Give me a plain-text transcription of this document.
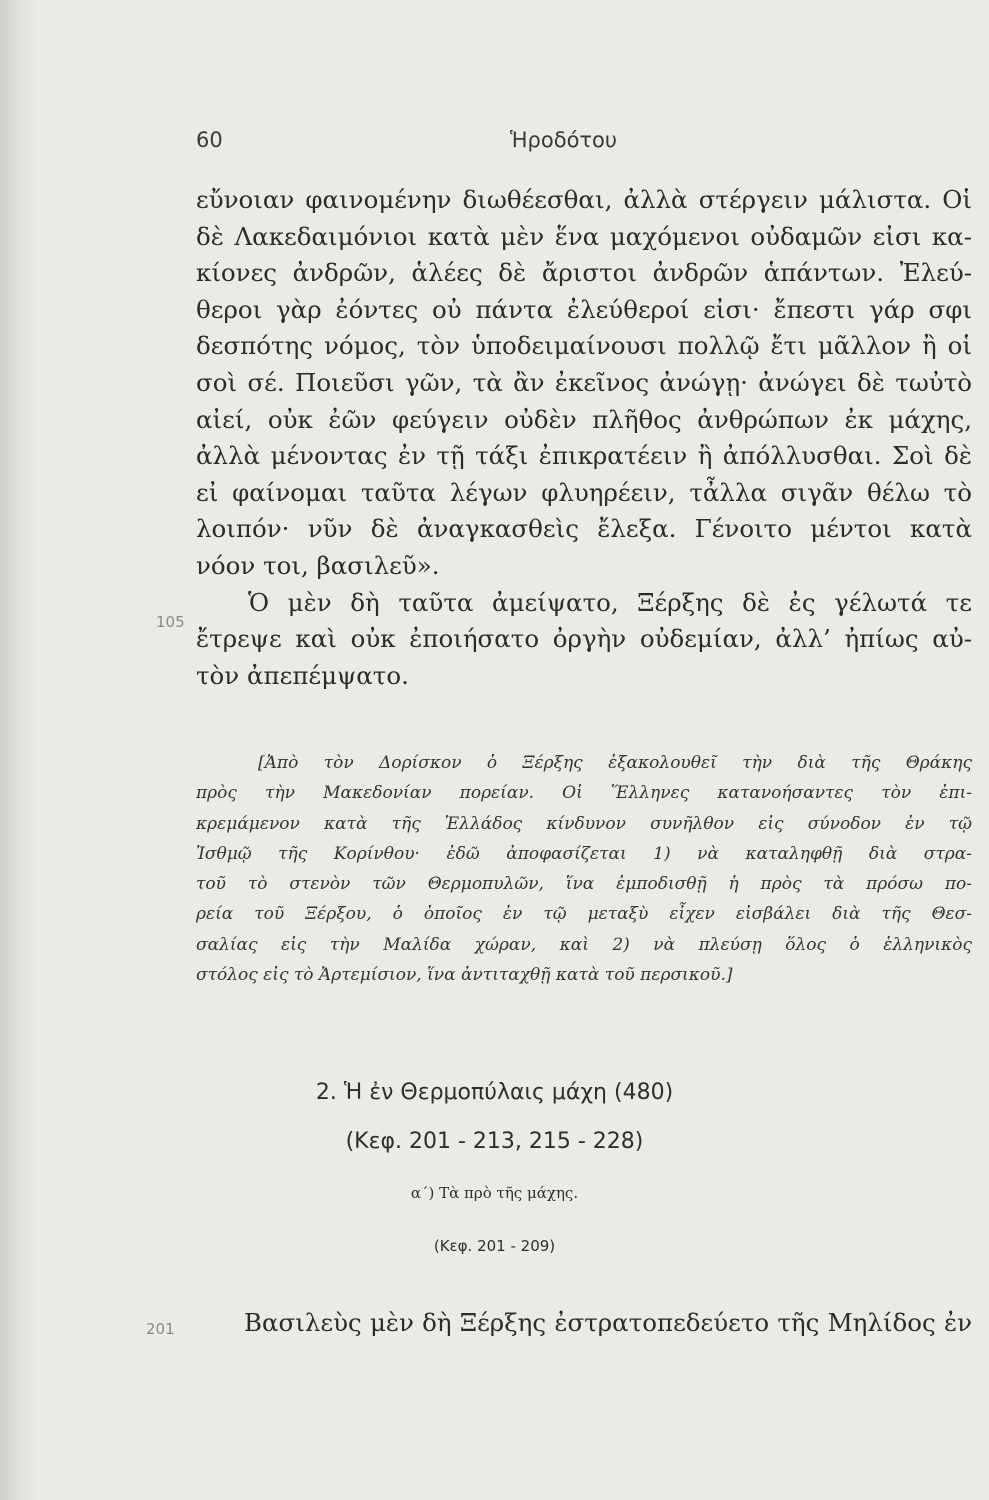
60	Ἡροδότου
εὔνοιαν φαινομένην διωθέεσθαι, ἀλλὰ στέργειν μάλιστα. Οἱ
δὲ Λακεδαιμόνιοι κατὰ μὲν ἕνα μαχόμενοι οὐδαμῶν εἰσι κα-
κίονες ἀνδρῶν, ἁλέες δὲ ἄριστοι ἀνδρῶν ἁπάντων. Ἐλεύ-
θεροι γὰρ ἐόντες οὐ πάντα ἐλεύθεροί εἰσι· ἔπεστι γάρ σφι
δεσπότης νόμος, τὸν ὑποδειμαίνουσι πολλῷ ἔτι μᾶλλον ἢ οἱ
σοὶ σέ. Ποιεῦσι γῶν, τὰ ἂν ἐκεῖνος ἀνώγῃ· ἀνώγει δὲ τωὐτὸ
αἰεί, οὐκ ἐῶν φεύγειν οὐδὲν πλῆθος ἀνθρώπων ἐκ μάχης,
ἀλλὰ μένοντας ἐν τῇ τάξι ἐπικρατέειν ἢ ἀπόλλυσθαι. Σοὶ δὲ
εἰ φαίνομαι ταῦτα λέγων φλυηρέειν, τἆλλα σιγᾶν θέλω τὸ
λοιπόν· νῦν δὲ ἀναγκασθεὶς ἔλεξα. Γένοιτο μέντοι κατὰ
νόον τοι, βασιλεῦ».
Ὁ μὲν δὴ ταῦτα ἀμείψατο, Ξέρξης δὲ ἐς γέλωτά τε
ἔτρεψε καὶ οὐκ ἐποιήσατο ὀργὴν οὐδεμίαν, ἀλλ’ ἠπίως αὐ-
τὸν ἀπεπέμψατο.
105
[Ἀπὸ τὸν Δορίσκον ὁ Ξέρξης ἐξακολουθεῖ τὴν διὰ τῆς Θράκης
πρὸς τὴν Μακεδονίαν πορείαν. Οἱ Ἕλληνες κατανοήσαντες τὸν ἐπι-
κρεμάμενον κατὰ τῆς Ἑλλάδος κίνδυνον συνῆλθον εἰς σύνοδον ἐν τῷ
Ἰσθμῷ τῆς Κορίνθου· ἐδῶ ἀποφασίζεται 1) νὰ καταληφθῇ διὰ στρα-
τοῦ τὸ στενὸν τῶν Θερμοπυλῶν, ἵνα ἐμποδισθῇ ἡ πρὸς τὰ πρόσω πο-
ρεία τοῦ Ξέρξου, ὁ ὁποῖος ἐν τῷ μεταξὺ εἶχεν εἰσβάλει διὰ τῆς Θεσ-
σαλίας εἰς τὴν Μαλίδα χώραν, καὶ 2) νὰ πλεύσῃ ὅλος ὁ ἑλληνικὸς
στόλος εἰς τὸ Ἀρτεμίσιον, ἵνα ἀντιταχθῇ κατὰ τοῦ περσικοῦ.]
2. Ἡ ἐν Θερμοπύλαις μάχη (480)
(Κεφ. 201 - 213, 215 - 228)
α΄) Τὰ πρὸ τῆς μάχης.
(Κεφ. 201 - 209)
201	Βασιλεὺς μὲν δὴ Ξέρξης ἐστρατοπεδεύετο τῆς Μηλίδος ἐν
